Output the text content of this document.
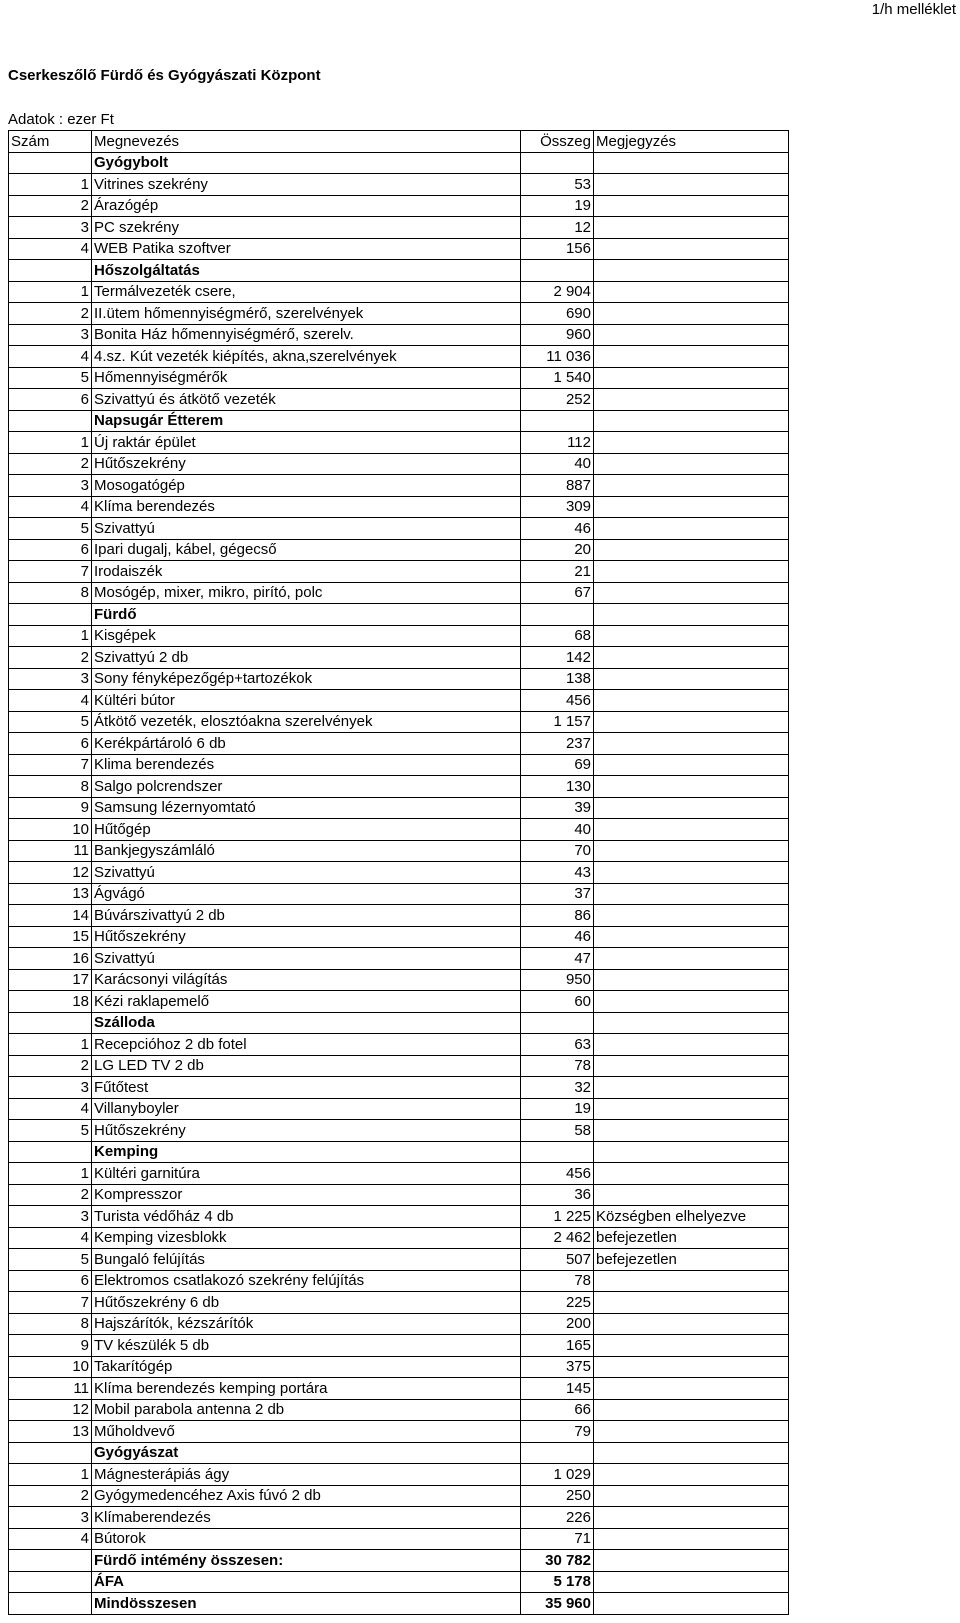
1/h melléklet
Cserkeszőlő Fürdő és Gyógyászati Központ
Adatok : ezer Ft
Szám	Megnevezés	Összeg	Megjegyzés
	Gyógybolt		
1	Vitrines szekrény	53	
2	Árazógép	19	
3	PC szekrény	12	
4	WEB Patika szoftver	156	
	Hőszolgáltatás		
1	Termálvezeték csere,	2 904	
2	II.ütem hőmennyiségmérő, szerelvények	690	
3	Bonita Ház hőmennyiségmérő, szerelv.	960	
4	4.sz. Kút vezeték kiépítés, akna,szerelvények	11 036	
5	Hőmennyiségmérők	1 540	
6	Szivattyú és átkötő vezeték	252	
	Napsugár Étterem		
1	Új raktár épület	112	
2	Hűtőszekrény	40	
3	Mosogatógép	887	
4	Klíma berendezés	309	
5	Szivattyú	46	
6	Ipari dugalj, kábel, gégecső	20	
7	Irodaiszék	21	
8	Mosógép, mixer, mikro, pirító, polc	67	
	Fürdő		
1	Kisgépek	68	
2	Szivattyú 2 db	142	
3	Sony fényképezőgép+tartozékok	138	
4	Kültéri bútor	456	
5	Átkötő vezeték, elosztóakna szerelvények	1 157	
6	Kerékpártároló 6 db	237	
7	Klima berendezés	69	
8	Salgo polcrendszer	130	
9	Samsung lézernyomtató	39	
10	Hűtőgép	40	
11	Bankjegyszámláló	70	
12	Szivattyú	43	
13	Ágvágó	37	
14	Búvárszivattyú 2 db	86	
15	Hűtőszekrény	46	
16	Szivattyú	47	
17	Karácsonyi világítás	950	
18	Kézi raklapemelő	60	
	Szálloda		
1	Recepcióhoz 2 db fotel	63	
2	LG LED TV 2 db	78	
3	Fűtőtest	32	
4	Villanyboyler	19	
5	Hűtőszekrény	58	
	Kemping		
1	Kültéri garnitúra	456	
2	Kompresszor	36	
3	Turista védőház 4 db	1 225	Községben elhelyezve
4	Kemping vizesblokk	2 462	befejezetlen
5	Bungaló felújítás	507	befejezetlen
6	Elektromos csatlakozó szekrény felújítás	78	
7	Hűtőszekrény 6 db	225	
8	Hajszárítók, kézszárítók	200	
9	TV készülék 5 db	165	
10	Takarítógép	375	
11	Klíma berendezés kemping portára	145	
12	Mobil parabola antenna 2 db	66	
13	Műholdvevő	79	
	Gyógyászat		
1	Mágnesterápiás ágy	1 029	
2	Gyógymedencéhez Axis fúvó 2 db	250	
3	Klímaberendezés	226	
4	Bútorok	71	
	Fürdő intémény összesen:	30 782	
	ÁFA	5 178	
	Mindösszesen	35 960	
